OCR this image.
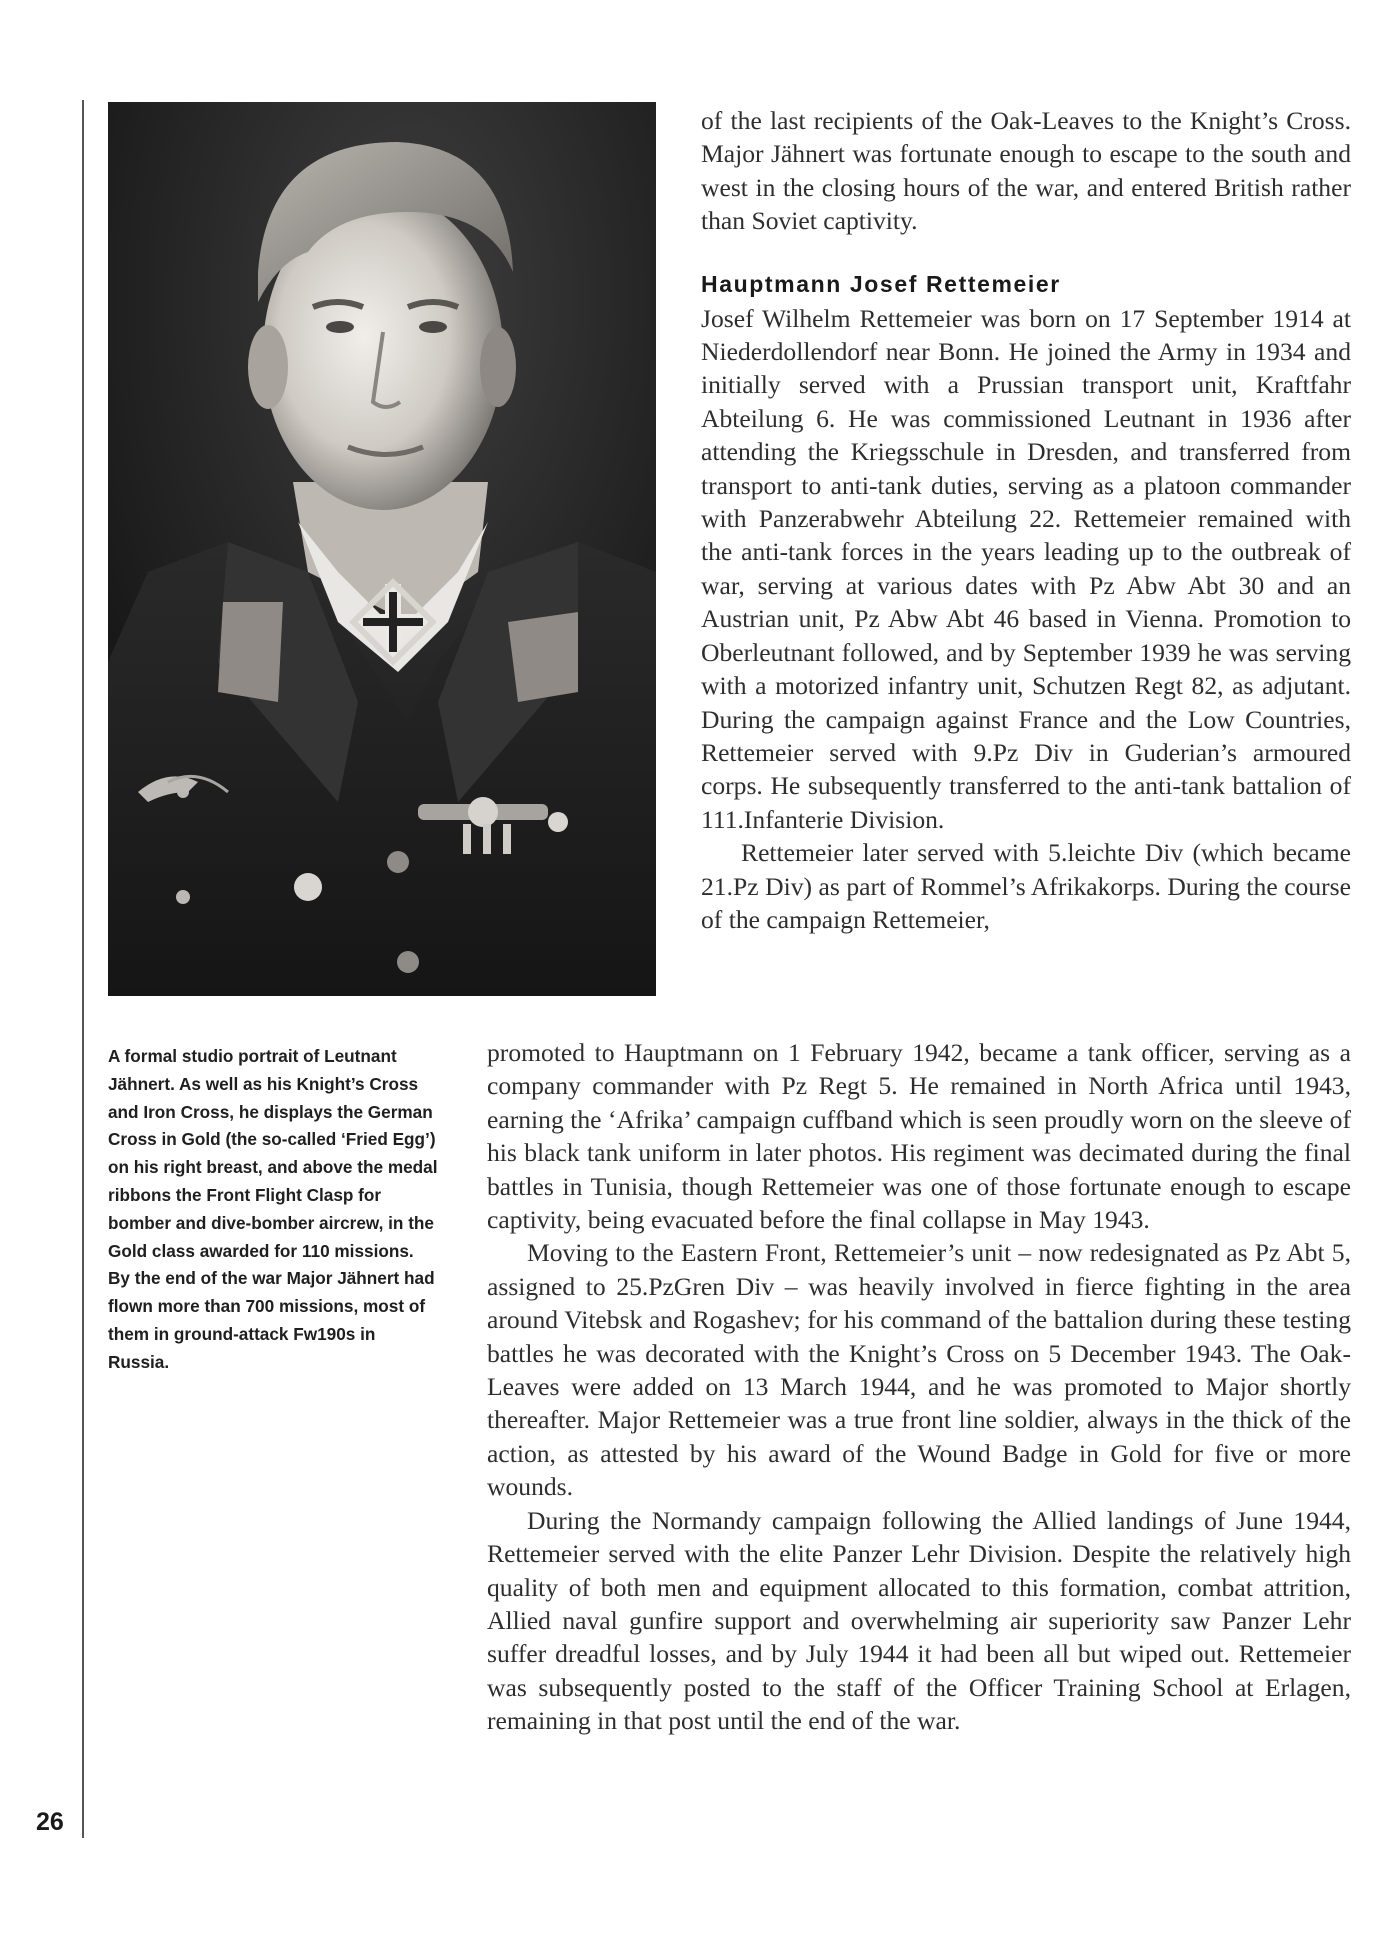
26
A formal studio portrait of Leutnant Jähnert. As well as his Knight’s Cross and Iron Cross, he displays the German Cross in Gold (the so-called ‘Fried Egg’) on his right breast, and above the medal ribbons the Front Flight Clasp for bomber and dive-bomber aircrew, in the Gold class awarded for 110 missions. By the end of the war Major Jähnert had flown more than 700 missions, most of them in ground-attack Fw190s in Russia.

of the last recipients of the Oak-Leaves to the Knight’s Cross. Major Jähnert was fortunate enough to escape to the south and west in the closing hours of the war, and entered British rather than Soviet captivity.

Hauptmann Josef Rettemeier

Josef Wilhelm Rettemeier was born on 17 September 1914 at Niederdollendorf near Bonn. He joined the Army in 1934 and initially served with a Prussian transport unit, Kraftfahr Abteilung 6. He was commissioned Leutnant in 1936 after attending the Kriegsschule in Dresden, and transferred from transport to anti-tank duties, serving as a platoon commander with Panzerabwehr Abteilung 22. Rettemeier remained with the anti-tank forces in the years leading up to the outbreak of war, serving at various dates with Pz Abw Abt 30 and an Austrian unit, Pz Abw Abt 46 based in Vienna. Promotion to Oberleutnant followed, and by September 1939 he was serving with a motorized infantry unit, Schutzen Regt 82, as adjutant. During the campaign against France and the Low Countries, Rettemeier served with 9.Pz Div in Guderian’s armoured corps. He subsequently transferred to the anti-tank battalion of 111.Infanterie Division.

Rettemeier later served with 5.leichte Div (which became 21.Pz Div) as part of Rommel’s Afrikakorps. During the course of the campaign Rettemeier,

promoted to Hauptmann on 1 February 1942, became a tank officer, serving as a company commander with Pz Regt 5. He remained in North Africa until 1943, earning the ‘Afrika’ campaign cuffband which is seen proudly worn on the sleeve of his black tank uniform in later photos. His regiment was decimated during the final battles in Tunisia, though Rettemeier was one of those fortunate enough to escape captivity, being evacuated before the final collapse in May 1943.

Moving to the Eastern Front, Rettemeier’s unit – now redesignated as Pz Abt 5, assigned to 25.PzGren Div – was heavily involved in fierce fighting in the area around Vitebsk and Rogashev; for his command of the battalion during these testing battles he was decorated with the Knight’s Cross on 5 December 1943. The Oak-Leaves were added on 13 March 1944, and he was promoted to Major shortly thereafter. Major Rettemeier was a true front line soldier, always in the thick of the action, as attested by his award of the Wound Badge in Gold for five or more wounds.

During the Normandy campaign following the Allied landings of June 1944, Rettemeier served with the elite Panzer Lehr Division. Despite the relatively high quality of both men and equipment allocated to this formation, combat attrition, Allied naval gunfire support and overwhelming air superiority saw Panzer Lehr suffer dreadful losses, and by July 1944 it had been all but wiped out. Rettemeier was subsequently posted to the staff of the Officer Training School at Erlagen, remaining in that post until the end of the war.
